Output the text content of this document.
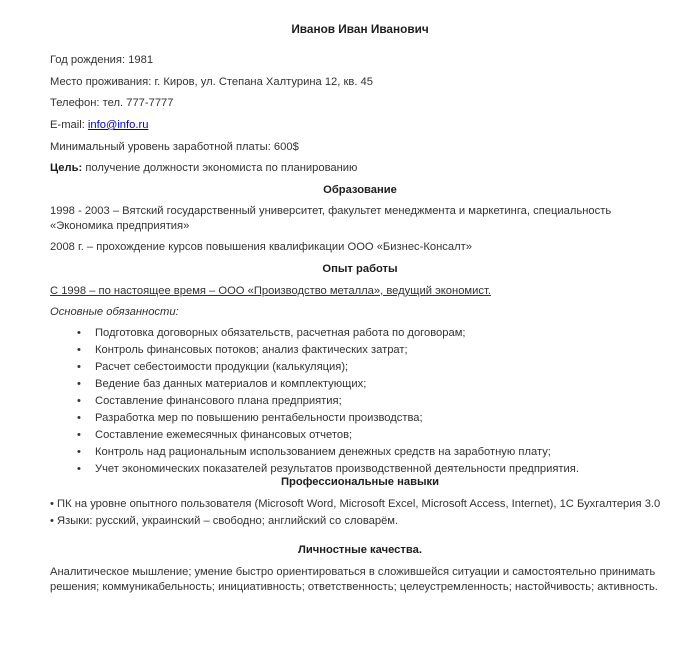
Иванов Иван Иванович
Год рождения: 1981
Место проживания: г. Киров, ул. Степана Халтурина 12, кв. 45
Телефон: тел. 777-7777
E-mail: info@info.ru
Минимальный уровень заработной платы: 600$
Цель: получение должности экономиста по планированию
Образование

1998 - 2003 – Вятский государственный университет, факультет менеджмента и маркетинга, специальность «Экономика предприятия»

2008 г. – прохождение курсов повышения квалификации ООО «Бизнес-Консалт»

Опыт работы
С 1998 – по настоящее время – ООО «Производство металла», ведущий экономист.
Основные обязанности:
• Подготовка договорных обязательств, расчетная работа по договорам;
• Контроль финансовых потоков; анализ фактических затрат;
• Расчет себестоимости продукции (калькуляция);
• Ведение баз данных материалов и комплектующих;
• Составление финансового плана предприятия;
• Разработка мер по повышению рентабельности производства;
• Составление ежемесячных финансовых отчетов;
• Контроль над рациональным использованием денежных средств на заработную плату;
• Учет экономических показателей результатов производственной деятельности предприятия.
Профессиональные навыки

• ПК на уровне опытного пользователя (Microsoft Word, Microsoft Excel, Microsoft Access, Internet), 1С Бухгалтерия 3.0

• Языки: русский, украинский – свободно; английский со словарём.

Личностные качества.

Аналитическое мышление; умение быстро ориентироваться в сложившейся ситуации и самостоятельно принимать решения; коммуникабельность; инициативность; ответственность; целеустремленность; настойчивость; активность.
